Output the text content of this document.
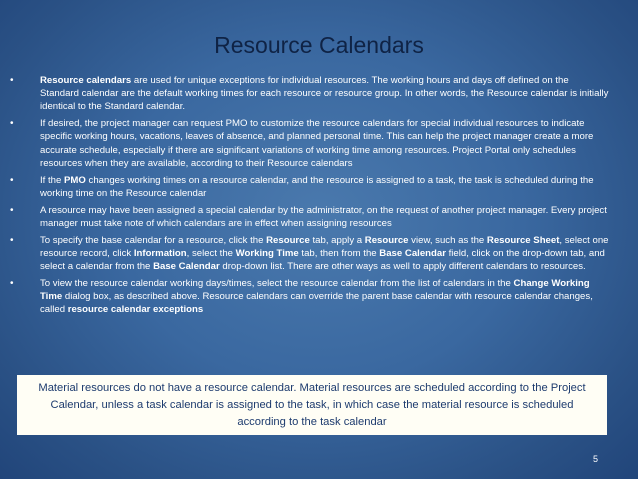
Resource Calendars
•	Resource calendars are used for unique exceptions for individual resources. The working hours and days off defined on the Standard calendar are the default working times for each resource or resource group. In other words, the Resource calendar is initially identical to the Standard calendar.
•	If desired, the project manager can request PMO to customize the resource calendars for special individual resources to indicate specific working hours, vacations, leaves of absence, and planned personal time. This can help the project manager create a more accurate schedule, especially if there are significant variations of working time among resources. Project Portal only schedules resources when they are available, according to their Resource calendars
•	If the PMO changes working times on a resource calendar, and the resource is assigned to a task, the task is scheduled during the working time on the Resource calendar
•	A resource may have been assigned a special calendar by the administrator, on the request of another project manager. Every project manager must take note of which calendars are in effect when assigning resources
•	To specify the base calendar for a resource, click the Resource tab, apply a Resource view, such as the Resource Sheet, select one resource record, click Information, select the Working Time tab, then from the Base Calendar field, click on the drop-down tab, and select a calendar from the Base Calendar drop-down list. There are other ways as well to apply different calendars to resources.
•	To view the resource calendar working days/times, select the resource calendar from the list of calendars in the Change Working Time dialog box, as described above. Resource calendars can override the parent base calendar with resource calendar changes, called resource calendar exceptions
Material resources do not have a resource calendar. Material resources are scheduled according to the Project Calendar, unless a task calendar is assigned to the task, in which case the material resource is scheduled according to the task calendar
5
